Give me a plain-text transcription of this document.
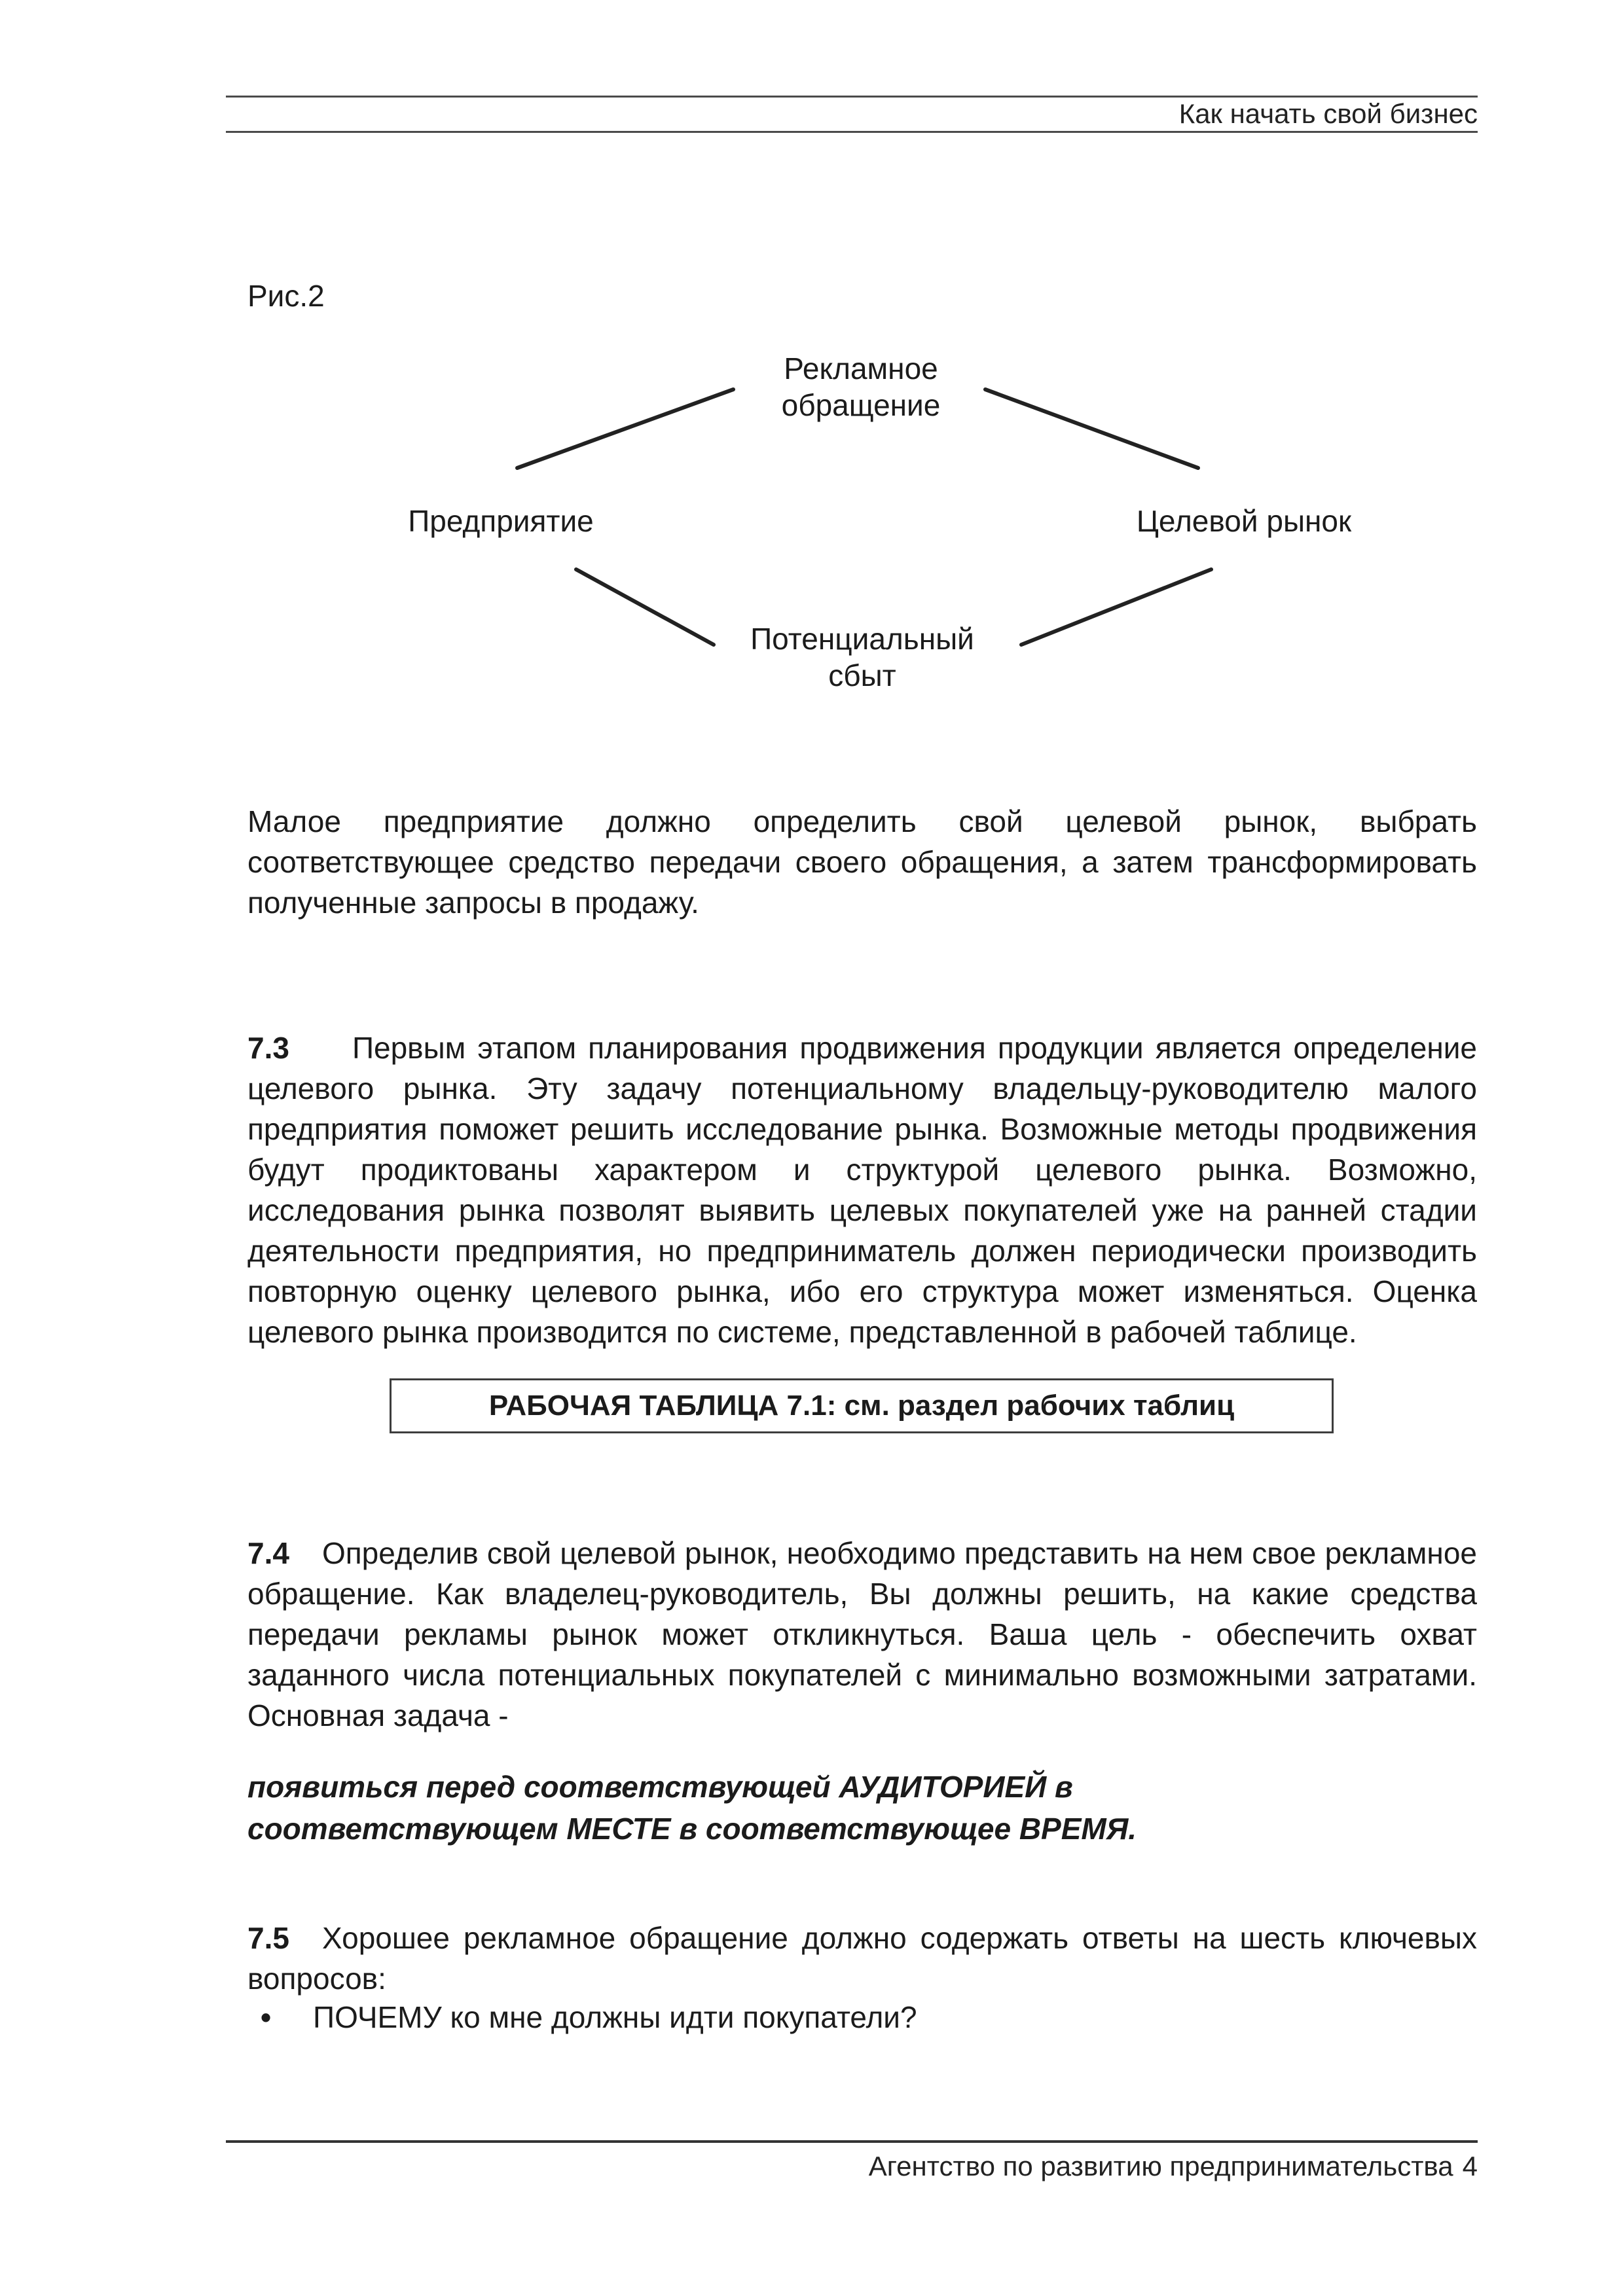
Как начать свой бизнес
Рис.2
Рекламное обращение
Предприятие	Целевой рынок
Потенциальный сбыт

Малое предприятие должно определить свой целевой рынок, выбрать соответствующее средство передачи своего обращения, а затем трансформировать полученные запросы в продажу.

7.3 Первым этапом планирования продвижения продукции является определение целевого рынка. Эту задачу потенциальному владельцу-руководителю малого предприятия поможет решить исследование рынка. Возможные методы продвижения будут продиктованы характером и структурой целевого рынка. Возможно, исследования рынка позволят выявить целевых покупателей уже на ранней стадии деятельности предприятия, но предприниматель должен периодически производить повторную оценку целевого рынка, ибо его структура может изменяться. Оценка целевого рынка производится по системе, представленной в рабочей таблице.

РАБОЧАЯ ТАБЛИЦА 7.1: см. раздел рабочих таблиц

7.4 Определив свой целевой рынок, необходимо представить на нем свое рекламное обращение. Как владелец-руководитель, Вы должны решить, на какие средства передачи рекламы рынок может откликнуться. Ваша цель - обеспечить охват заданного числа потенциальных покупателей с минимально возможными затратами. Основная задача -

появиться перед соответствующей АУДИТОРИЕЙ в соответствующем МЕСТЕ в соответствующее ВРЕМЯ.

7.5 Хорошее рекламное обращение должно содержать ответы на шесть ключевых вопросов:

•	ПОЧЕМУ ко мне должны идти покупатели?
Агентство по развитию предпринимательства 4
